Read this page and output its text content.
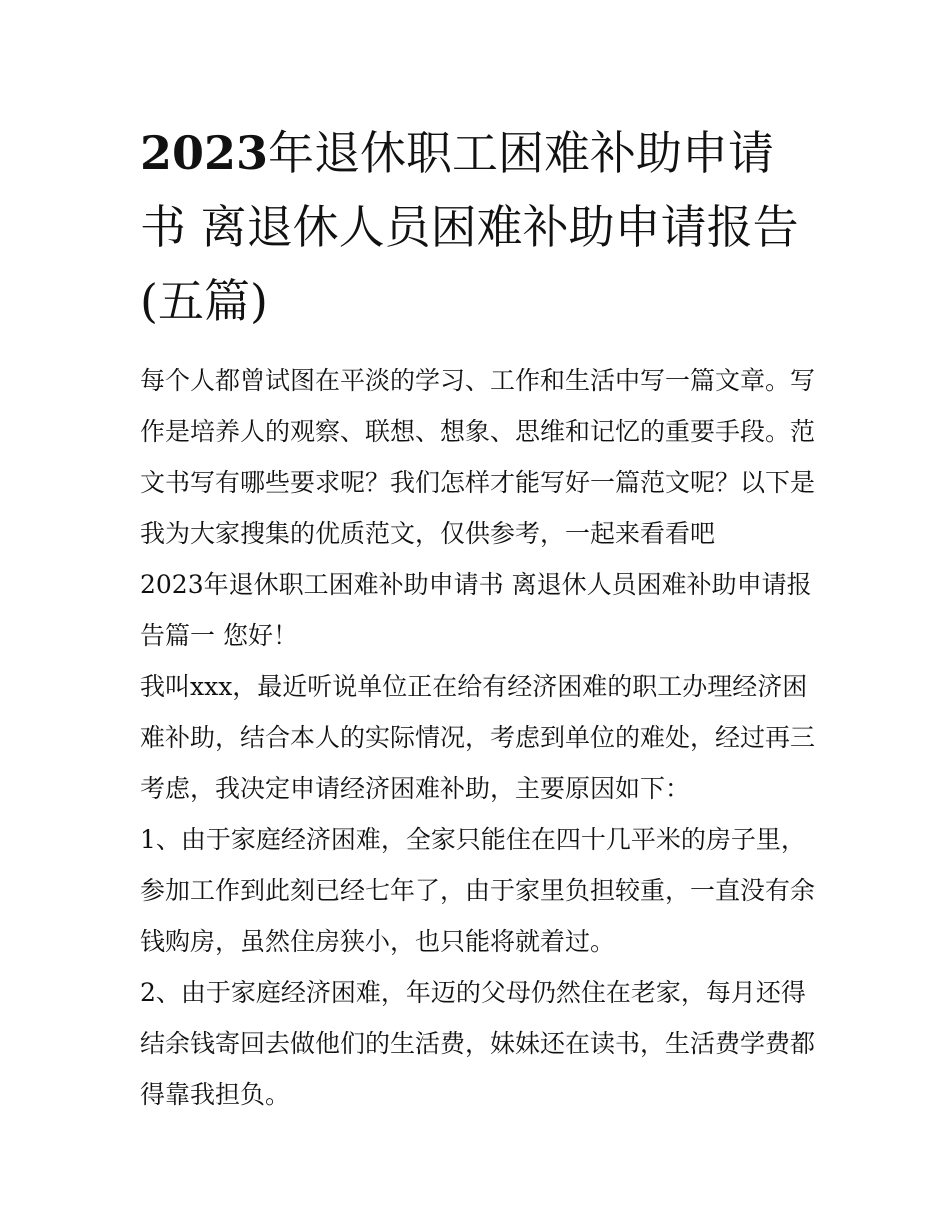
2023年退休职工困难补助申请书 离退休人员困难补助申请报告(五篇)

每个人都曾试图在平淡的学习、工作和生活中写一篇文章。写作是培养人的观察、联想、想象、思维和记忆的重要手段。范文书写有哪些要求呢？我们怎样才能写好一篇范文呢？以下是我为大家搜集的优质范文，仅供参考，一起来看看吧

2023年退休职工困难补助申请书 离退休人员困难补助申请报告篇一 您好！

我叫xxx，最近听说单位正在给有经济困难的职工办理经济困难补助，结合本人的实际情况，考虑到单位的难处，经过再三考虑，我决定申请经济困难补助，主要原因如下：

1、由于家庭经济困难，全家只能住在四十几平米的房子里，参加工作到此刻已经七年了，由于家里负担较重，一直没有余钱购房，虽然住房狭小，也只能将就着过。

2、由于家庭经济困难，年迈的父母仍然住在老家，每月还得结余钱寄回去做他们的生活费，妹妹还在读书，生活费学费都得靠我担负。
